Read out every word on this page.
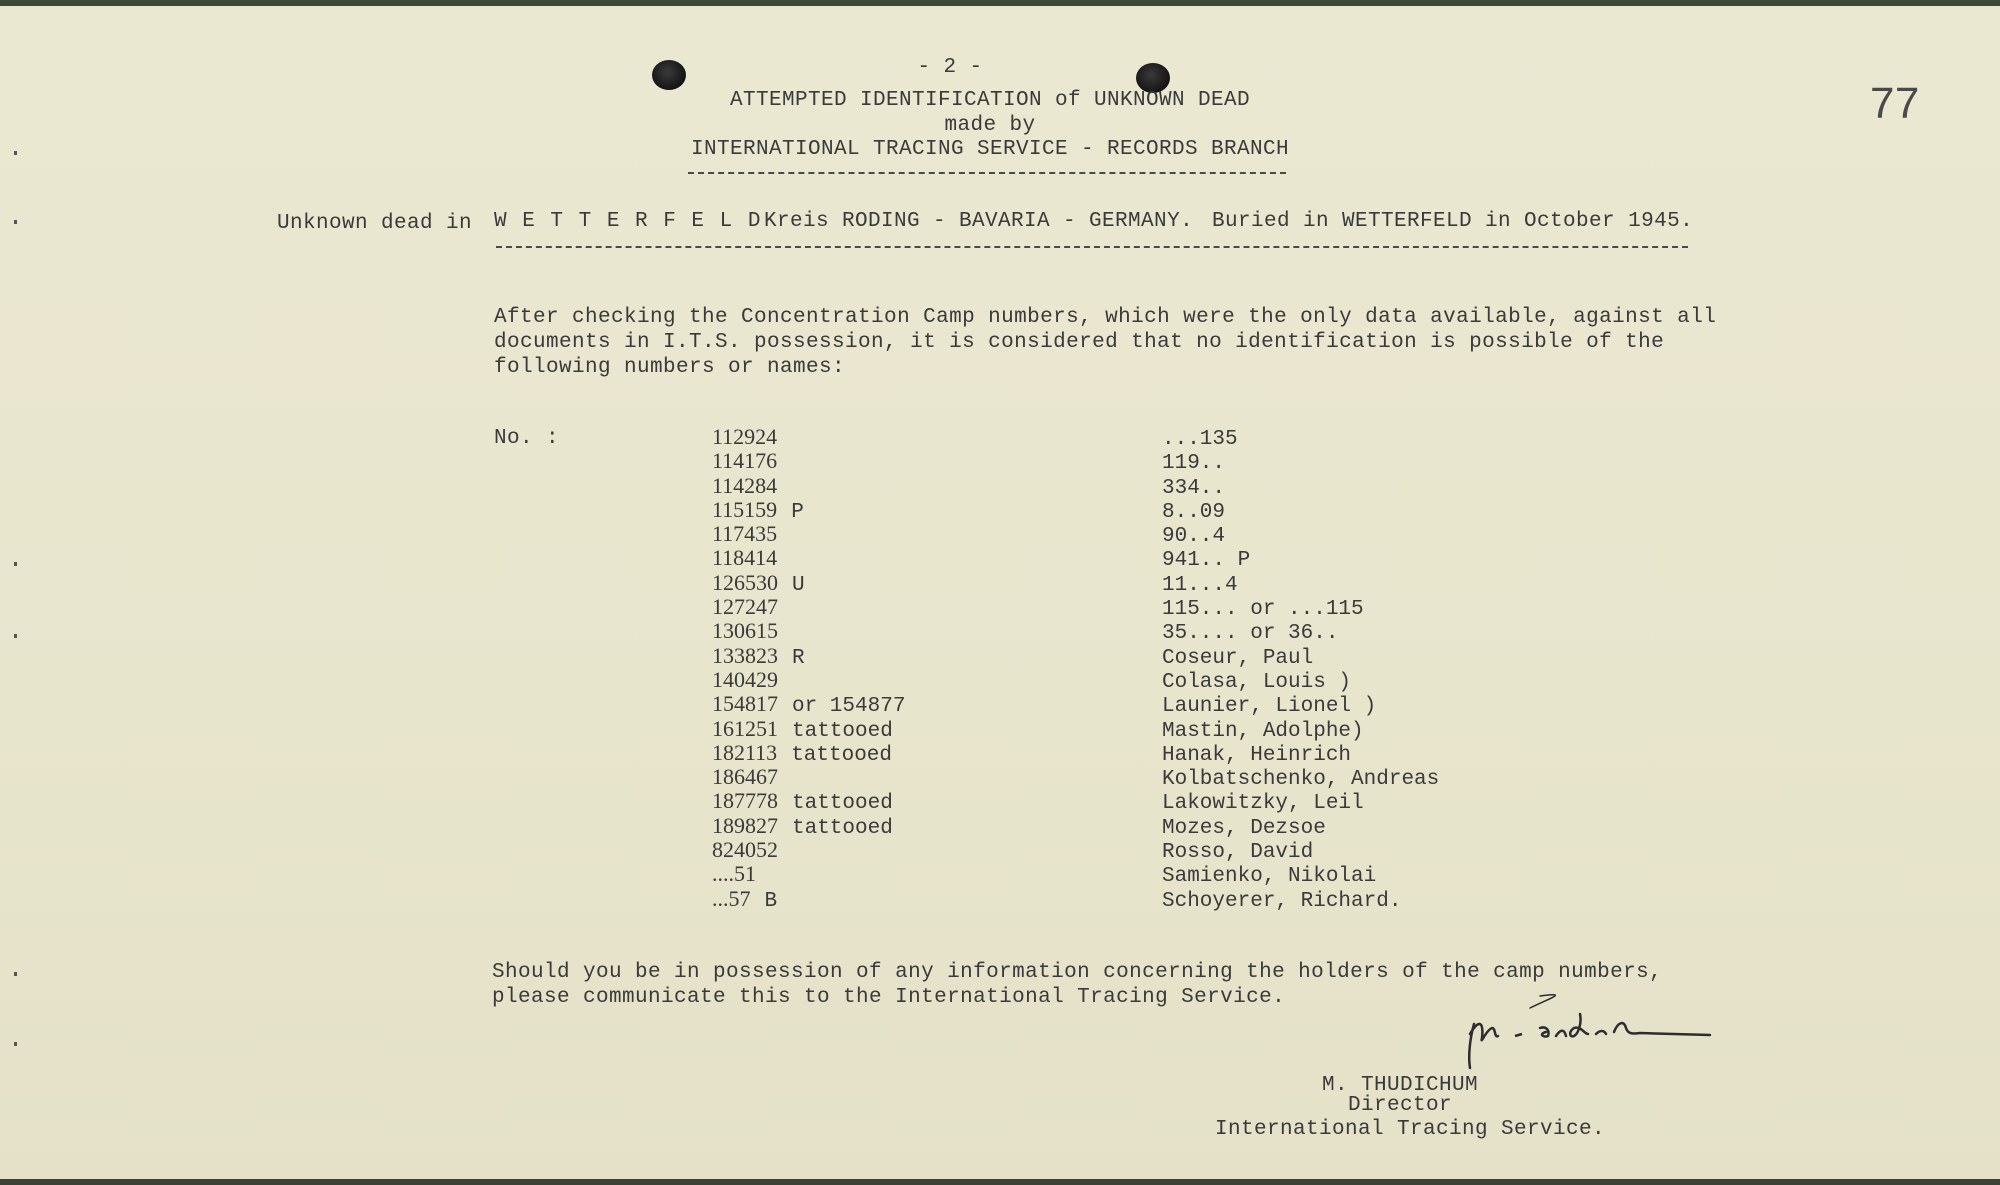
- 2 -
ATTEMPTED IDENTIFICATION of UNKNOWN DEAD
made by
INTERNATIONAL TRACING SERVICE - RECORDS BRANCH
77
Unknown dead in W E T T E R F E L D Kreis RODING - BAVARIA - GERMANY. Buried in WETTERFELD in October 1945.
After checking the Concentration Camp numbers, which were the only data available, against all
documents in I.T.S. possession, it is considered that no identification is possible of the
following numbers or names:
No. :	112924
114176
114284
115159 P
117435
118414
126530 U
127247
130615
133823 R
140429
154817 or 154877
161251 tattooed
182113 tattooed
186467
187778 tattooed
189827 tattooed
824052
....51
...57 B
...135
119..
334..
8..09
90..4
941.. P
11...4
115... or ...115
35.... or 36..
Coseur, Paul
Colasa, Louis )
Launier, Lionel )
Mastin, Adolphe)
Hanak, Heinrich
Kolbatschenko, Andreas
Lakowitzky, Leil
Mozes, Dezsoe
Rosso, David
Samienko, Nikolai
Schoyerer, Richard.
Should you be in possession of any information concerning the holders of the camp numbers,
please communicate this to the International Tracing Service.
M. THUDICHUM
Director
International Tracing Service.
